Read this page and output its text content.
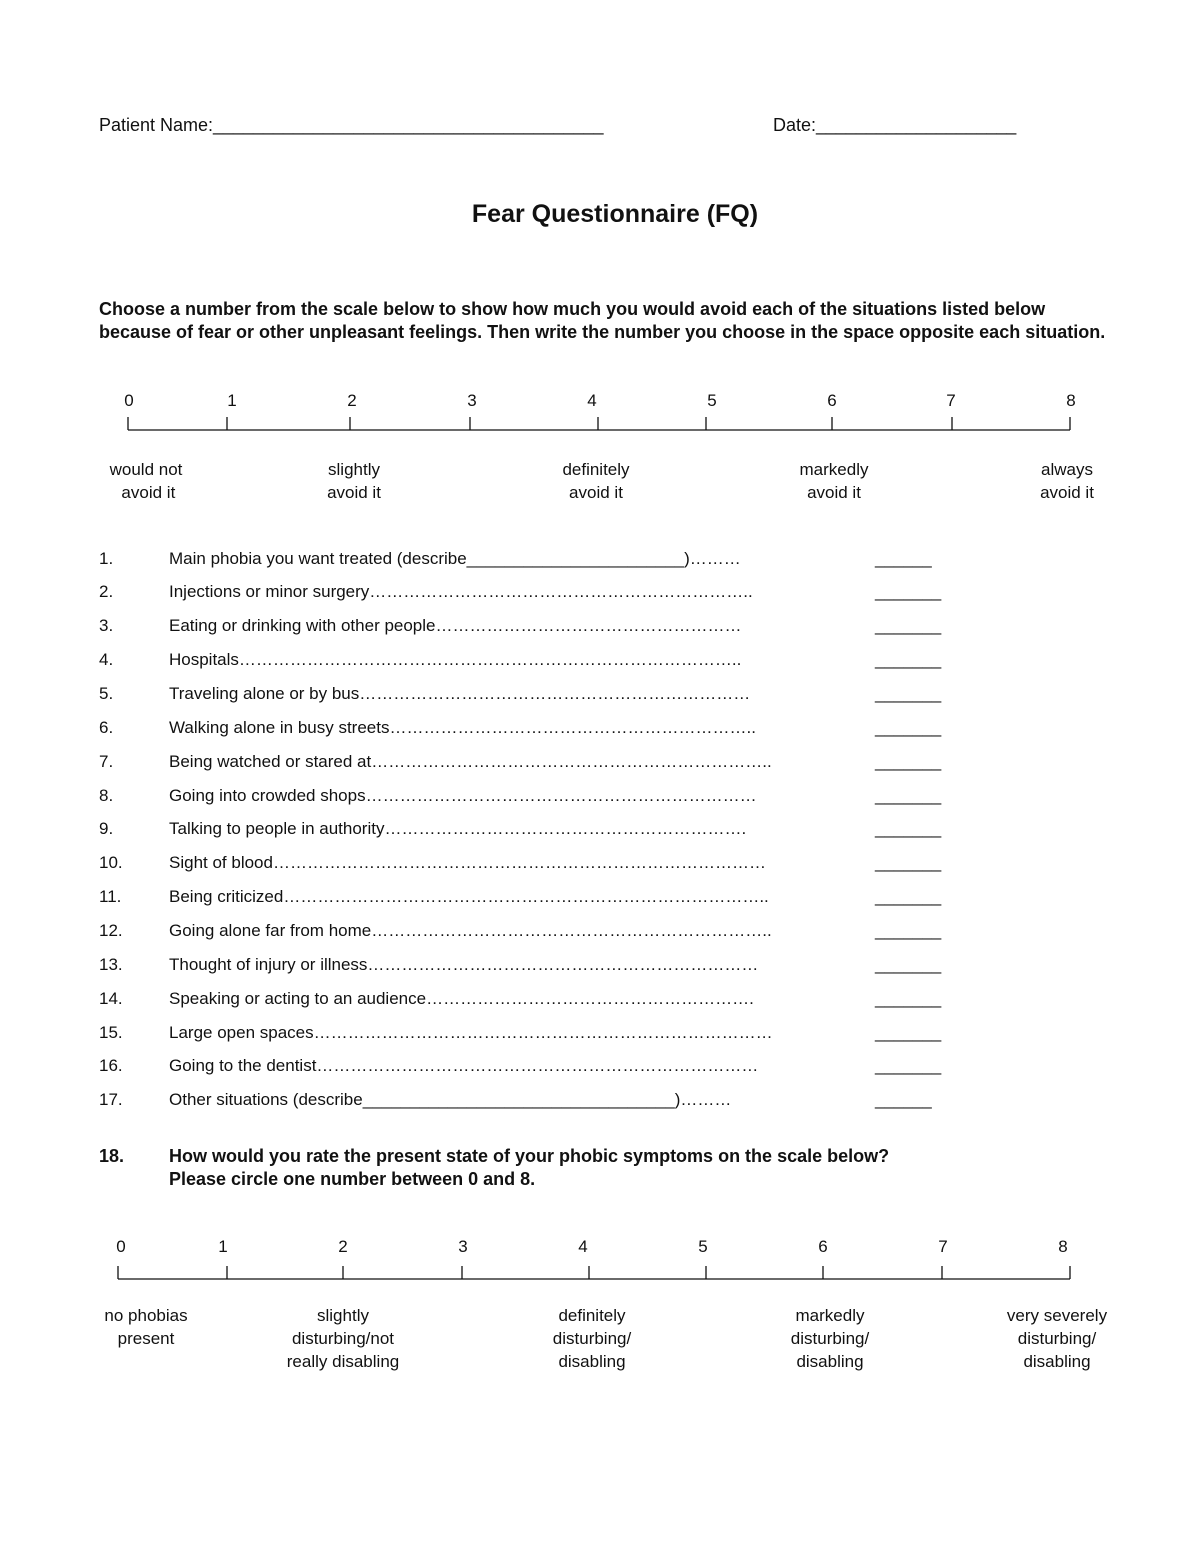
Patient Name:_______________________________________	Date:____________________
Fear Questionnaire (FQ)
Choose a number from the scale below to show how much you would avoid each of the situations listed below because of fear or other unpleasant feelings. Then write the number you choose in the space opposite each situation.
0	1	2	3	4	5	6	7	8
would not
avoid it
slightly
avoid it
definitely
avoid it
markedly
avoid it
always
avoid it
1.	Main phobia you want treated (describe_______________________)………	______
2.	Injections or minor surgery…………………………………………………………..	_______
3.	Eating or drinking with other people………………………………………………	_______
4.	Hospitals……………………………………………………………………………..	_______
5.	Traveling alone or by bus……………………………………………………………	_______
6.	Walking alone in busy streets………………………………………………………..	_______
7.	Being watched or stared at……………………………………………………………..	_______
8.	Going into crowded shops……………………………………………………………	_______
9.	Talking to people in authority……………………………………………………….	_______
10.	Sight of blood……………………………………………………………………………	_______
11.	Being criticized…………………………………………………………………………..	_______
12.	Going alone far from home……………………………………………………………..	_______
13.	Thought of injury or illness……………………………………………………………	_______
14.	Speaking or acting to an audience………………………………………………….	_______
15.	Large open spaces………………………………………………………………………	_______
16.	Going to the dentist……………………………………………………………………	_______
17.	Other situations (describe_________________________________)………	______
18. How would you rate the present state of your phobic symptoms on the scale below?
Please circle one number between 0 and 8.
0	1	2	3	4	5	6	7	8
no phobias
present
slightly
disturbing/not
really disabling
definitely
disturbing/
disabling
markedly
disturbing/
disabling
very severely
disturbing/
disabling
